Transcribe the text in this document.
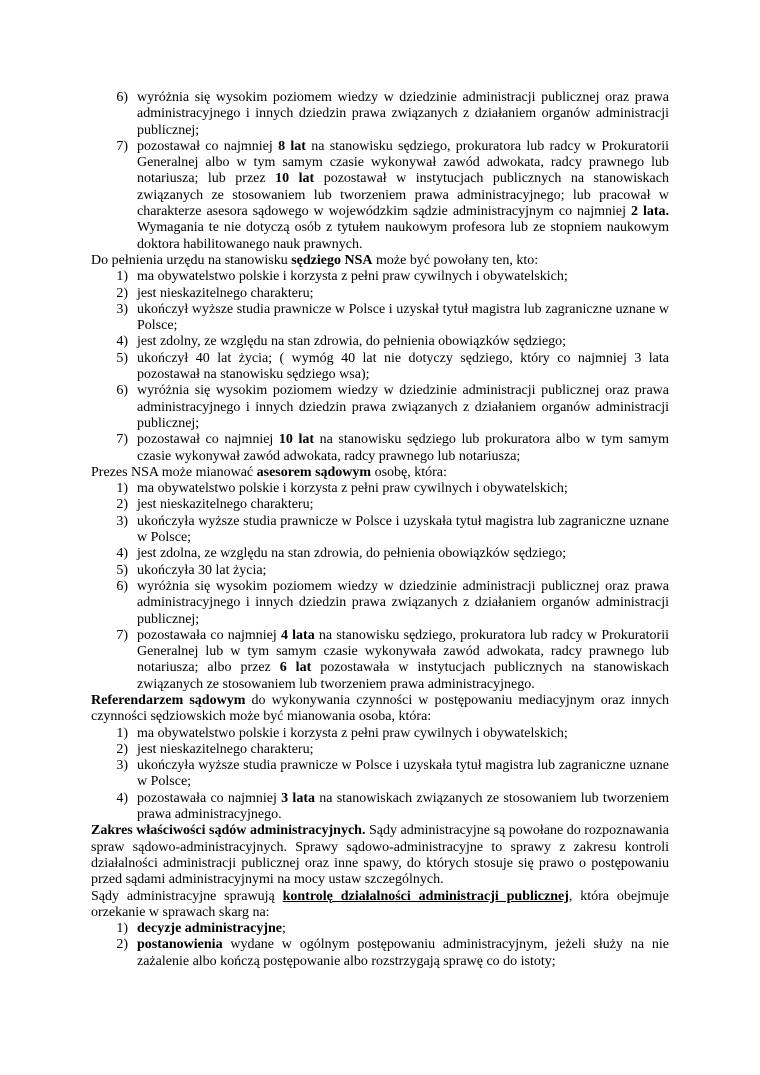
6) wyróżnia się wysokim poziomem wiedzy w dziedzinie administracji publicznej oraz prawa administracyjnego i innych dziedzin prawa związanych z działaniem organów administracji publicznej;
7) pozostawał co najmniej 8 lat na stanowisku sędziego, prokuratora lub radcy w Prokuratorii Generalnej albo w tym samym czasie wykonywał zawód adwokata, radcy prawnego lub notariusza; lub przez 10 lat pozostawał w instytucjach publicznych na stanowiskach związanych ze stosowaniem lub tworzeniem prawa administracyjnego; lub pracował w charakterze asesora sądowego w wojewódzkim sądzie administracyjnym co najmniej 2 lata. Wymagania te nie dotyczą osób z tytułem naukowym profesora lub ze stopniem naukowym doktora habilitowanego nauk prawnych.

Do pełnienia urzędu na stanowisku sędziego NSA może być powołany ten, kto:

1) ma obywatelstwo polskie i korzysta z pełni praw cywilnych i obywatelskich;
2) jest nieskazitelnego charakteru;
3) ukończył wyższe studia prawnicze w Polsce i uzyskał tytuł magistra lub zagraniczne uznane w Polsce;
4) jest zdolny, ze względu na stan zdrowia, do pełnienia obowiązków sędziego;
5) ukończył 40 lat życia; ( wymóg 40 lat nie dotyczy sędziego, który co najmniej 3 lata pozostawał na stanowisku sędziego wsa);
6) wyróżnia się wysokim poziomem wiedzy w dziedzinie administracji publicznej oraz prawa administracyjnego i innych dziedzin prawa związanych z działaniem organów administracji publicznej;
7) pozostawał co najmniej 10 lat na stanowisku sędziego lub prokuratora albo w tym samym czasie wykonywał zawód adwokata, radcy prawnego lub notariusza;

Prezes NSA może mianować asesorem sądowym osobę, która:

1) ma obywatelstwo polskie i korzysta z pełni praw cywilnych i obywatelskich;
2) jest nieskazitelnego charakteru;
3) ukończyła wyższe studia prawnicze w Polsce i uzyskała tytuł magistra lub zagraniczne uznane w Polsce;
4) jest zdolna, ze względu na stan zdrowia, do pełnienia obowiązków sędziego;
5) ukończyła 30 lat życia;
6) wyróżnia się wysokim poziomem wiedzy w dziedzinie administracji publicznej oraz prawa administracyjnego i innych dziedzin prawa związanych z działaniem organów administracji publicznej;
7) pozostawała co najmniej 4 lata na stanowisku sędziego, prokuratora lub radcy w Prokuratorii Generalnej lub w tym samym czasie wykonywała zawód adwokata, radcy prawnego lub notariusza; albo przez 6 lat pozostawała w instytucjach publicznych na stanowiskach związanych ze stosowaniem lub tworzeniem prawa administracyjnego.

Referendarzem sądowym do wykonywania czynności w postępowaniu mediacyjnym oraz innych czynności sędziowskich może być mianowania osoba, która:

1) ma obywatelstwo polskie i korzysta z pełni praw cywilnych i obywatelskich;
2) jest nieskazitelnego charakteru;
3) ukończyła wyższe studia prawnicze w Polsce i uzyskała tytuł magistra lub zagraniczne uznane w Polsce;
4) pozostawała co najmniej 3 lata na stanowiskach związanych ze stosowaniem lub tworzeniem prawa administracyjnego.

Zakres właściwości sądów administracyjnych. Sądy administracyjne są powołane do rozpoznawania spraw sądowo-administracyjnych. Sprawy sądowo-administracyjne to sprawy z zakresu kontroli działalności administracji publicznej oraz inne spawy, do których stosuje się prawo o postępowaniu przed sądami administracyjnymi na mocy ustaw szczególnych.

Sądy administracyjne sprawują kontrolę działalności administracji publicznej, która obejmuje orzekanie w sprawach skarg na:

1) decyzje administracyjne;
2) postanowienia wydane w ogólnym postępowaniu administracyjnym, jeżeli służy na nie zażalenie albo kończą postępowanie albo rozstrzygają sprawę co do istoty;
